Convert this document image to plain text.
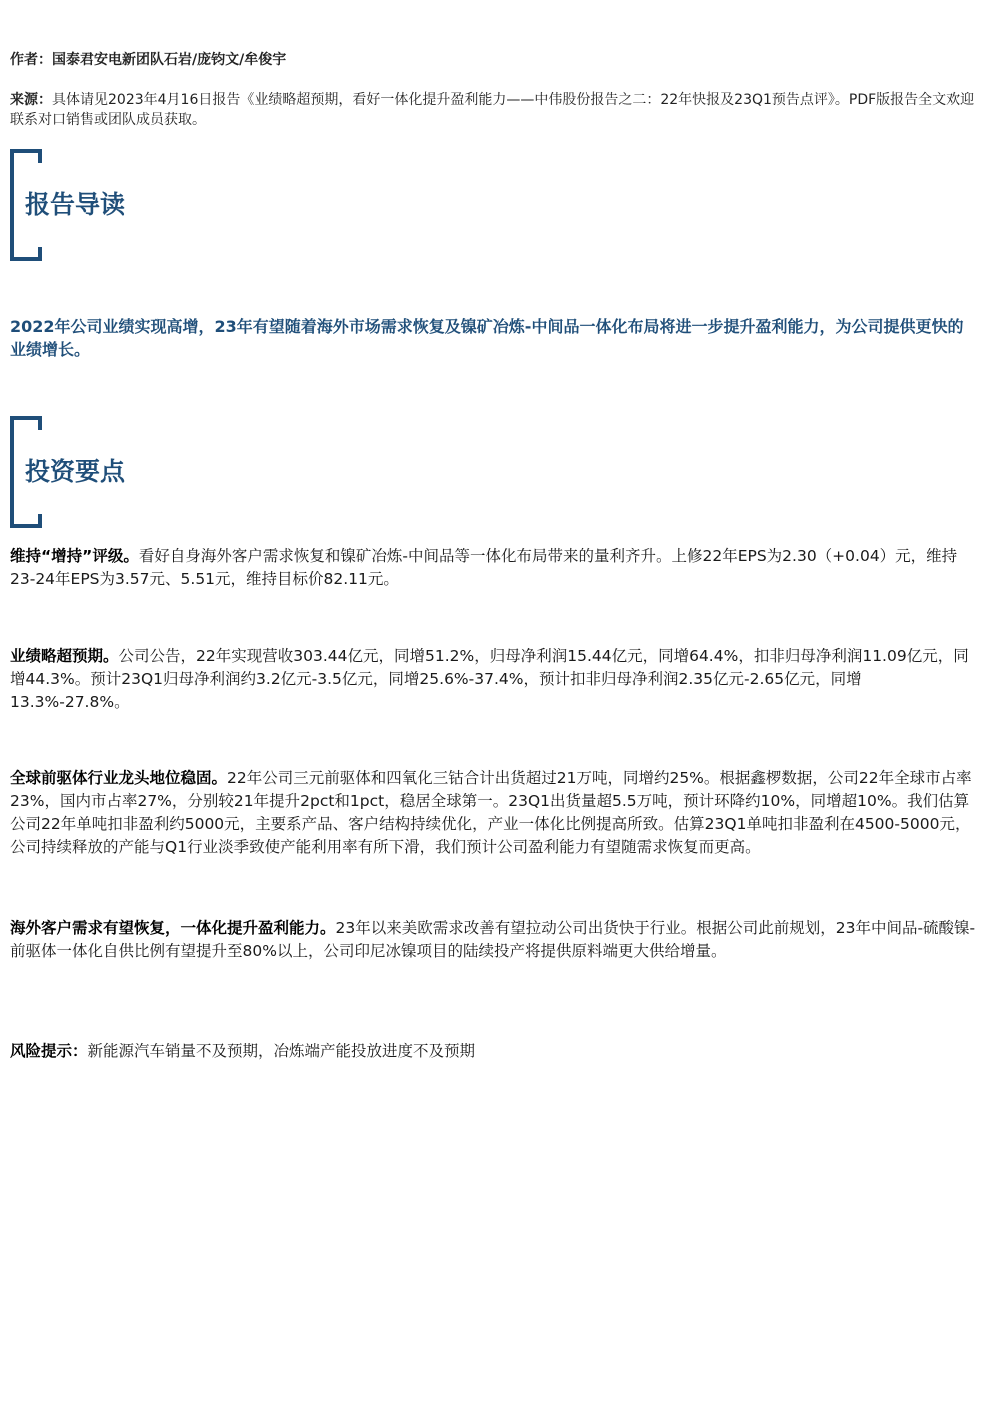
作者：国泰君安电新团队石岩/庞钧文/牟俊宇
来源：具体请见2023年4月16日报告《业绩略超预期，看好一体化提升盈利能力——中伟股份报告之二：22年快报及23Q1预告点评》。PDF版报告全文欢迎联系对口销售或团队成员获取。
报告导读
2022年公司业绩实现高增，23年有望随着海外市场需求恢复及镍矿冶炼-中间品一体化布局将进一步提升盈利能力，为公司提供更快的业绩增长。
投资要点
维持“增持”评级。看好自身海外客户需求恢复和镍矿冶炼-中间品等一体化布局带来的量利齐升。上修22年EPS为2.30（+0.04）元，维持23-24年EPS为3.57元、5.51元，维持目标价82.11元。
业绩略超预期。公司公告，22年实现营收303.44亿元，同增51.2%，归母净利润15.44亿元，同增64.4%，扣非归母净利润11.09亿元，同增44.3%。预计23Q1归母净利润约3.2亿元-3.5亿元，同增25.6%-37.4%，预计扣非归母净利润2.35亿元-2.65亿元，同增13.3%-27.8%。
全球前驱体行业龙头地位稳固。22年公司三元前驱体和四氧化三钴合计出货超过21万吨，同增约25%。根据鑫椤数据，公司22年全球市占率23%，国内市占率27%，分别较21年提升2pct和1pct，稳居全球第一。23Q1出货量超5.5万吨，预计环降约10%，同增超10%。我们估算公司22年单吨扣非盈利约5000元，主要系产品、客户结构持续优化，产业一体化比例提高所致。估算23Q1单吨扣非盈利在4500-5000元，公司持续释放的产能与Q1行业淡季致使产能利用率有所下滑，我们预计公司盈利能力有望随需求恢复而更高。
海外客户需求有望恢复，一体化提升盈利能力。23年以来美欧需求改善有望拉动公司出货快于行业。根据公司此前规划，23年中间品-硫酸镍-前驱体一体化自供比例有望提升至80%以上，公司印尼冰镍项目的陆续投产将提供原料端更大供给增量。
风险提示：新能源汽车销量不及预期，冶炼端产能投放进度不及预期
